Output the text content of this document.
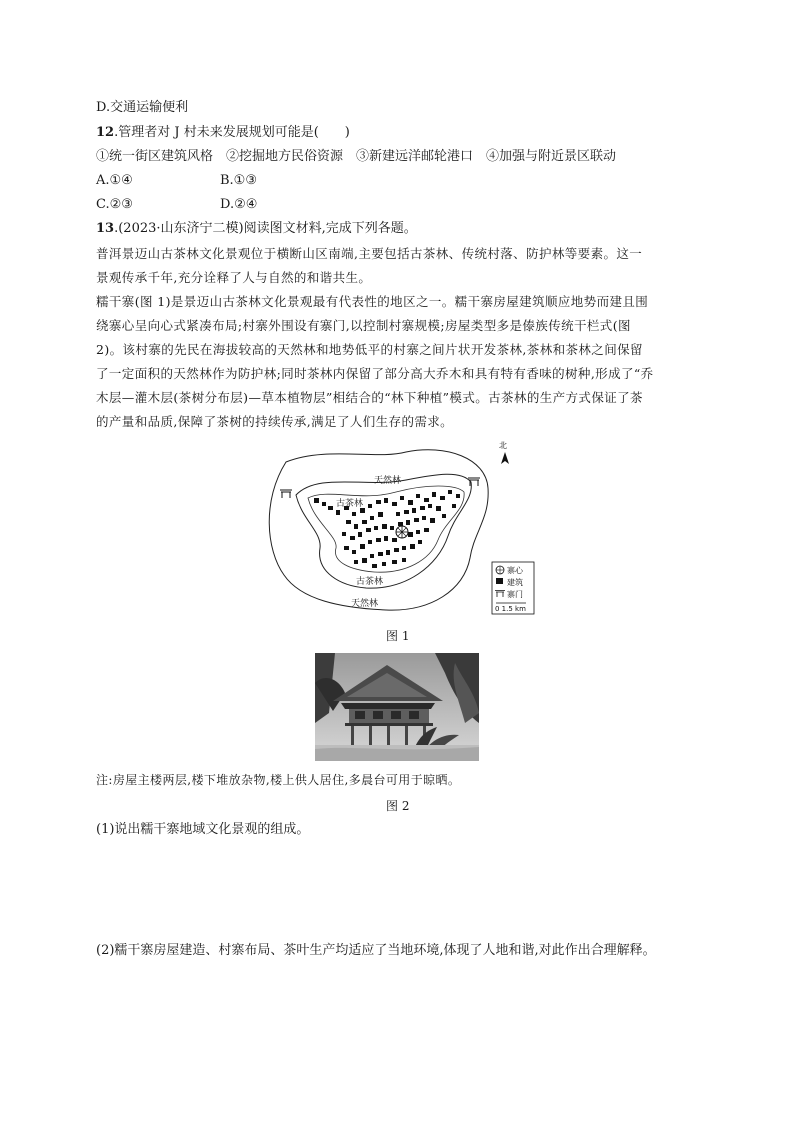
D.交通运输便利
12.管理者对 J 村未来发展规划可能是(　　)
①统一街区建筑风格　②挖掘地方民俗资源　③新建远洋邮轮港口　④加强与附近景区联动
A.①④	B.①③
C.②③	D.②④
13.(2023·山东济宁二模)阅读图文材料,完成下列各题。
普洱景迈山古茶林文化景观位于横断山区南端,主要包括古茶林、传统村落、防护林等要素。这一
景观传承千年,充分诠释了人与自然的和谐共生。
糯干寨(图 1)是景迈山古茶林文化景观最有代表性的地区之一。糯干寨房屋建筑顺应地势而建且围
绕寨心呈向心式紧凑布局;村寨外围设有寨门,以控制村寨规模;房屋类型多是傣族传统干栏式(图
2)。该村寨的先民在海拔较高的天然林和地势低平的村寨之间片状开发茶林,茶林和茶林之间保留
了一定面积的天然林作为防护林;同时茶林内保留了部分高大乔木和具有特有香味的树种,形成了“乔
木层—灌木层(茶树分布层)—草本植物层”相结合的“林下种植”模式。古茶林的生产方式保证了茶
的产量和品质,保障了茶树的持续传承,满足了人们生存的需求。
天然林
古茶林
古茶林
天然林
北
寨心
建筑
寨门
0 1.5 km
图 1
注:房屋主楼两层,楼下堆放杂物,楼上供人居住,多晨台可用于晾晒。
图 2
(1)说出糯干寨地域文化景观的组成。
(2)糯干寨房屋建造、村寨布局、茶叶生产均适应了当地环境,体现了人地和谐,对此作出合理解释。
